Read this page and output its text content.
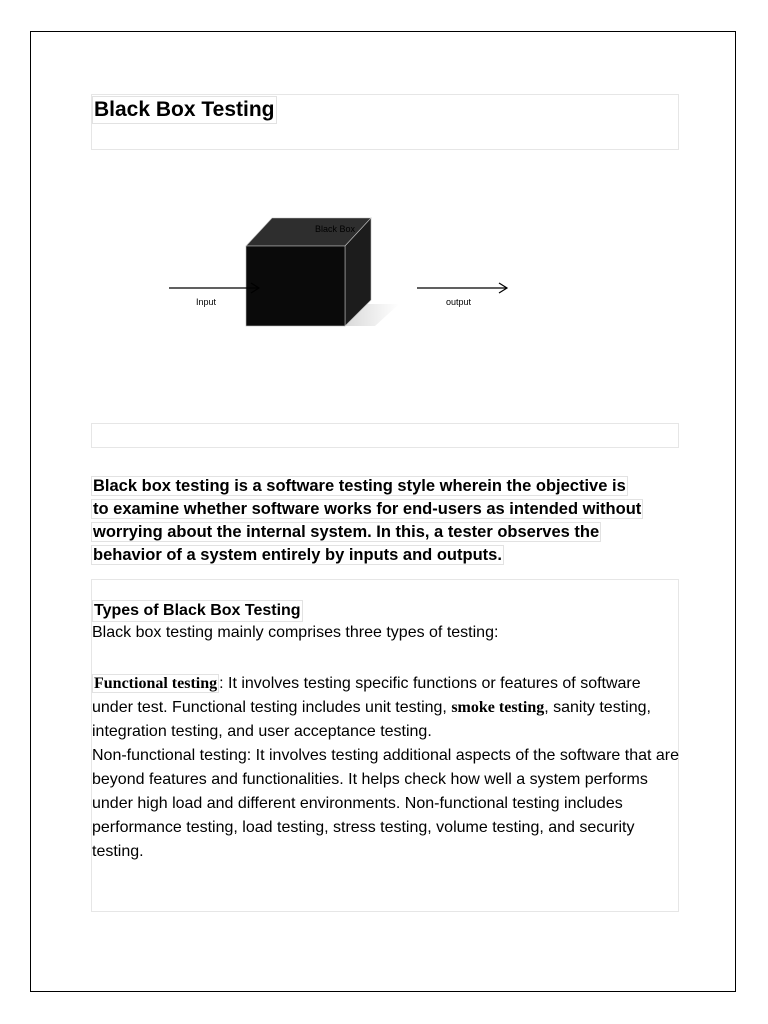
Black Box Testing
Black Box
Input	output

Black box testing is a software testing style wherein the objective is
to examine whether software works for end-users as intended without
worrying about the internal system. In this, a tester observes the
behavior of a system entirely by inputs and outputs.

Types of Black Box Testing

Black box testing mainly comprises three types of testing:

Functional testing : It involves testing specific functions or features of software under test. Functional testing includes unit testing, smoke testing, sanity testing, integration testing, and user acceptance testing.
Non-functional testing: It involves testing additional aspects of the software that are beyond features and functionalities. It helps check how well a system performs under high load and different environments. Non-functional testing includes performance testing, load testing, stress testing, volume testing, and security testing.
